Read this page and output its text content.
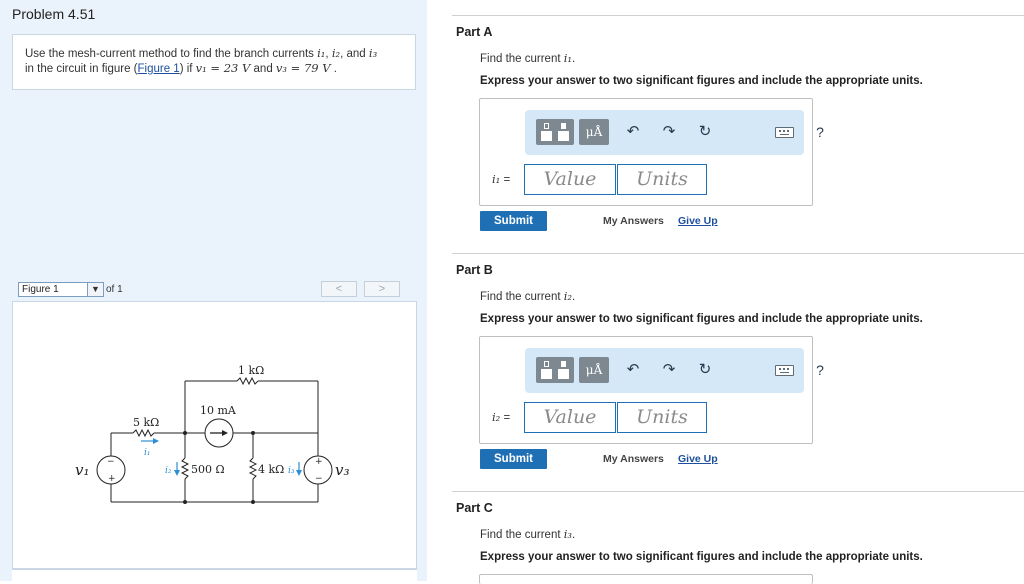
Problem 4.51
Use the mesh-current method to find the branch currents i₁, i₂, and i₃
in the circuit in figure (Figure 1) if v₁ = 23 V and v₃ = 79 V .
Figure 1	▼ of 1	<	>
1 kΩ
5 kΩ
10 mA
500 Ω	4 kΩ
v₁	v₃
i₁
i₂	i₃
−
+
+
−
Part A
Find the current i₁.
Express your answer to two significant figures and include the appropriate units.
μÅ	↶ ↷ ↻	?
i₁ =	Value	Units
Submit	My Answers Give Up
Part B
Find the current i₂.
Express your answer to two significant figures and include the appropriate units.
μÅ	↶ ↷ ↻	?
i₂ =	Value	Units
Submit	My Answers Give Up
Part C
Find the current i₃.
Express your answer to two significant figures and include the appropriate units.
